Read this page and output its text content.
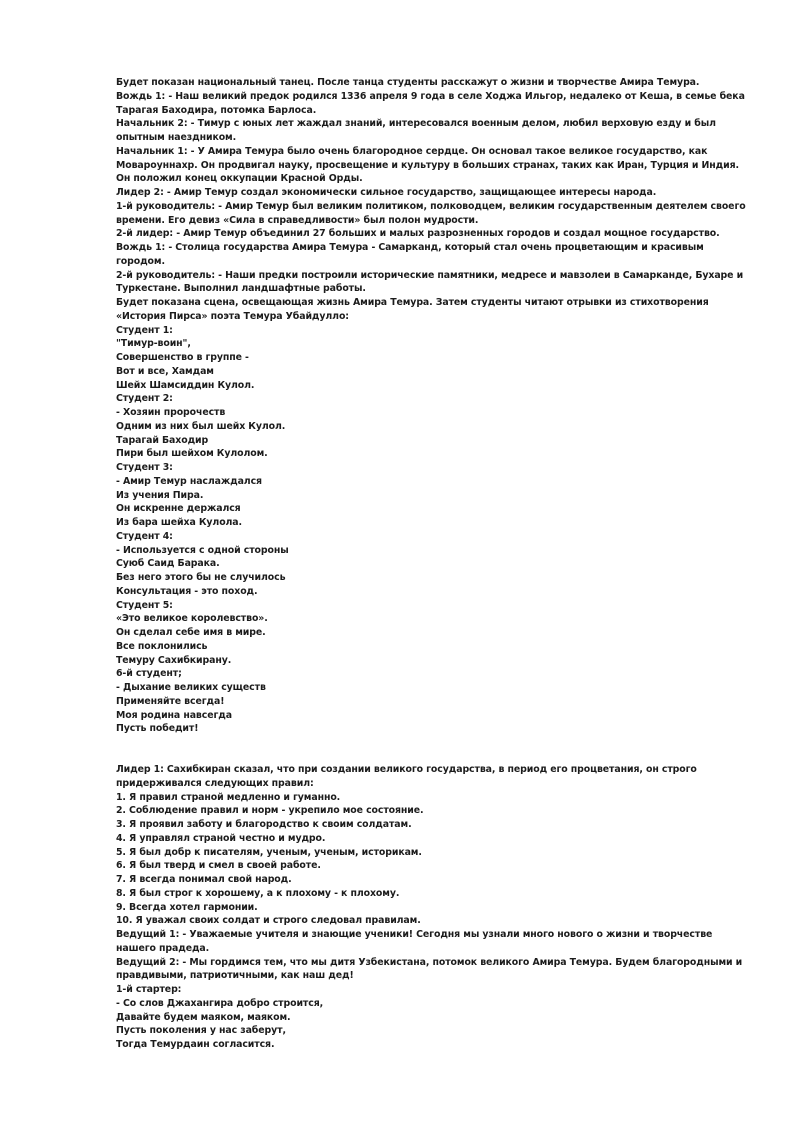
Будет показан национальный танец. После танца студенты расскажут о жизни и творчестве Амира Темура.
Вождь 1: - Наш великий предок родился 1336 апреля 9 года в селе Ходжа Ильгор, недалеко от Кеша, в семье бека Тарагая Баходира, потомка Барлоса.
Начальник 2: - Тимур с юных лет жаждал знаний, интересовался военным делом, любил верховую езду и был опытным наездником.
Начальник 1: - У Амира Темура было очень благородное сердце. Он основал такое великое государство, как Мовароуннахр. Он продвигал науку, просвещение и культуру в больших странах, таких как Иран, Турция и Индия. Он положил конец оккупации Красной Орды.
Лидер 2: - Амир Темур создал экономически сильное государство, защищающее интересы народа.
1-й руководитель: - Амир Темур был великим политиком, полководцем, великим государственным деятелем своего времени. Его девиз «Сила в справедливости» был полон мудрости.
2-й лидер: - Амир Темур объединил 27 больших и малых разрозненных городов и создал мощное государство.
Вождь 1: - Столица государства Амира Темура - Самарканд, который стал очень процветающим и красивым городом.
2-й руководитель: - Наши предки построили исторические памятники, медресе и мавзолеи в Самарканде, Бухаре и Туркестане. Выполнил ландшафтные работы.
Будет показана сцена, освещающая жизнь Амира Темура. Затем студенты читают отрывки из стихотворения «История Пирса» поэта Темура Убайдулло:
Студент 1:
"Тимур-воин",
Совершенство в группе -
Вот и все, Хамдам
Шейх Шамсиддин Кулол.
Студент 2:
- Хозяин пророчеств
Одним из них был шейх Кулол.
Тарагай Баходир
Пири был шейхом Кулолом.
Студент 3:
- Амир Темур наслаждался
Из учения Пира.
Он искренне держался
Из бара шейха Кулола.
Студент 4:
- Используется с одной стороны
Суюб Саид Барака.
Без него этого бы не случилось
Консультация - это поход.
Студент 5:
«Это великое королевство».
Он сделал себе имя в мире.
Все поклонились
Темуру Сахибкирану.
6-й студент;
- Дыхание великих существ
Применяйте всегда!
Моя родина навсегда
Пусть победит!
Лидер 1: Сахибкиран сказал, что при создании великого государства, в период его процветания, он строго придерживался следующих правил:
1. Я правил страной медленно и гуманно.
2. Соблюдение правил и норм - укрепило мое состояние.
3. Я проявил заботу и благородство к своим солдатам.
4. Я управлял страной честно и мудро.
5. Я был добр к писателям, ученым, ученым, историкам.
6. Я был тверд и смел в своей работе.
7. Я всегда понимал свой народ.
8. Я был строг к хорошему, а к плохому - к плохому.
9. Всегда хотел гармонии.
10. Я уважал своих солдат и строго следовал правилам.
Ведущий 1: - Уважаемые учителя и знающие ученики! Сегодня мы узнали много нового о жизни и творчестве нашего прадеда.
Ведущий 2: - Мы гордимся тем, что мы дитя Узбекистана, потомок великого Амира Темура. Будем благородными и правдивыми, патриотичными, как наш дед!
1-й стартер:
- Со слов Джахангира добро строится,
Давайте будем маяком, маяком.
Пусть поколения у нас заберут,
Тогда Темурдаин согласится.
